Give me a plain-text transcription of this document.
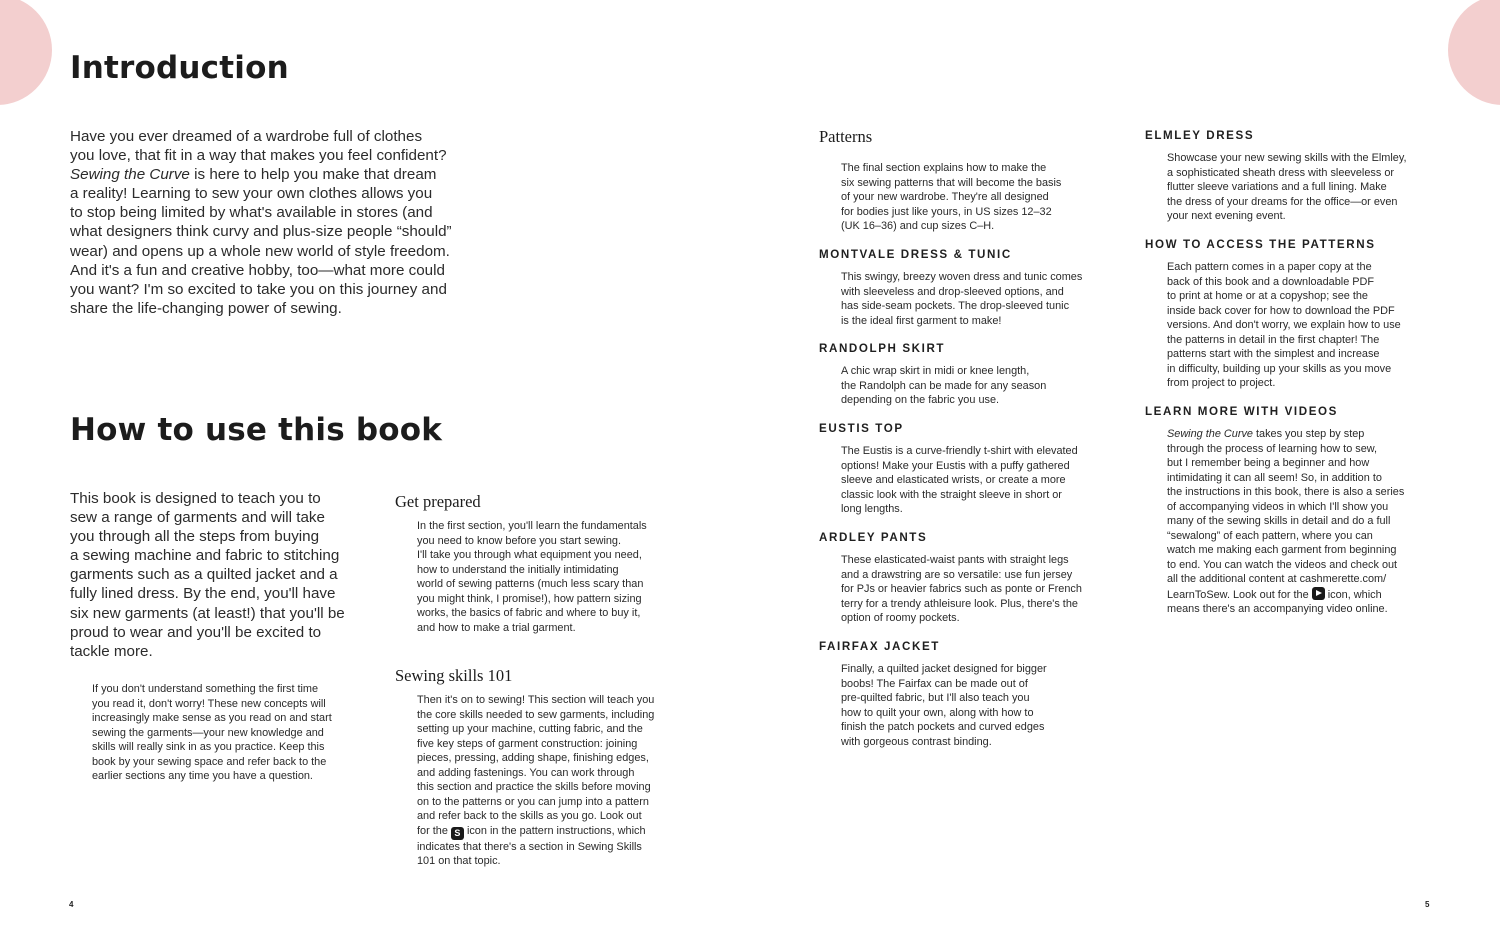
Introduction

Have you ever dreamed of a wardrobe full of clothes

you love, that fit in a way that makes you feel confident?

Sewing the Curve is here to help you make that dream

a reality! Learning to sew your own clothes allows you

to stop being limited by what's available in stores (and

what designers think curvy and plus-size people “should”

wear) and opens up a whole new world of style freedom.

And it's a fun and creative hobby, too—what more could

you want? I'm so excited to take you on this journey and

share the life-changing power of sewing.

How to use this book

This book is designed to teach you to

sew a range of garments and will take

you through all the steps from buying

a sewing machine and fabric to stitching

garments such as a quilted jacket and a

fully lined dress. By the end, you'll have

six new garments (at least!) that you'll be

proud to wear and you'll be excited to

tackle more.

If you don't understand something the first time

you read it, don't worry! These new concepts will

increasingly make sense as you read on and start

sewing the garments—your new knowledge and

skills will really sink in as you practice. Keep this

book by your sewing space and refer back to the

earlier sections any time you have a question.

Get prepared

In the first section, you'll learn the fundamentals

you need to know before you start sewing.

I'll take you through what equipment you need,

how to understand the initially intimidating

world of sewing patterns (much less scary than

you might think, I promise!), how pattern sizing

works, the basics of fabric and where to buy it,

and how to make a trial garment.

Sewing skills 101

Then it's on to sewing! This section will teach you

the core skills needed to sew garments, including

setting up your machine, cutting fabric, and the

five key steps of garment construction: joining

pieces, pressing, adding shape, finishing edges,

and adding fastenings. You can work through

this section and practice the skills before moving

on to the patterns or you can jump into a pattern

and refer back to the skills as you go. Look out

for the S icon in the pattern instructions, which

indicates that there's a section in Sewing Skills

101 on that topic.

4
Patterns

The final section explains how to make the

six sewing patterns that will become the basis

of your new wardrobe. They're all designed

for bodies just like yours, in US sizes 12–32

(UK 16–36) and cup sizes C–H.

MONTVALE DRESS & TUNIC

This swingy, breezy woven dress and tunic comes

with sleeveless and drop-sleeved options, and

has side-seam pockets. The drop-sleeved tunic

is the ideal first garment to make!

RANDOLPH SKIRT

A chic wrap skirt in midi or knee length,

the Randolph can be made for any season

depending on the fabric you use.

EUSTIS TOP

The Eustis is a curve-friendly t-shirt with elevated

options! Make your Eustis with a puffy gathered

sleeve and elasticated wrists, or create a more

classic look with the straight sleeve in short or

long lengths.

ARDLEY PANTS

These elasticated-waist pants with straight legs

and a drawstring are so versatile: use fun jersey

for PJs or heavier fabrics such as ponte or French

terry for a trendy athleisure look. Plus, there's the

option of roomy pockets.

FAIRFAX JACKET

Finally, a quilted jacket designed for bigger

boobs! The Fairfax can be made out of

pre-quilted fabric, but I'll also teach you

how to quilt your own, along with how to

finish the patch pockets and curved edges

with gorgeous contrast binding.

ELMLEY DRESS

Showcase your new sewing skills with the Elmley,

a sophisticated sheath dress with sleeveless or

flutter sleeve variations and a full lining. Make

the dress of your dreams for the office—or even

your next evening event.

HOW TO ACCESS THE PATTERNS

Each pattern comes in a paper copy at the

back of this book and a downloadable PDF

to print at home or at a copyshop; see the

inside back cover for how to download the PDF

versions. And don't worry, we explain how to use

the patterns in detail in the first chapter! The

patterns start with the simplest and increase

in difficulty, building up your skills as you move

from project to project.

LEARN MORE WITH VIDEOS

Sewing the Curve takes you step by step

through the process of learning how to sew,

but I remember being a beginner and how

intimidating it can all seem! So, in addition to

the instructions in this book, there is also a series

of accompanying videos in which I'll show you

many of the sewing skills in detail and do a full

“sewalong” of each pattern, where you can

watch me making each garment from beginning

to end. You can watch the videos and check out

all the additional content at cashmerette.com/

LearnToSew. Look out for the icon, which

means there's an accompanying video online.

5
